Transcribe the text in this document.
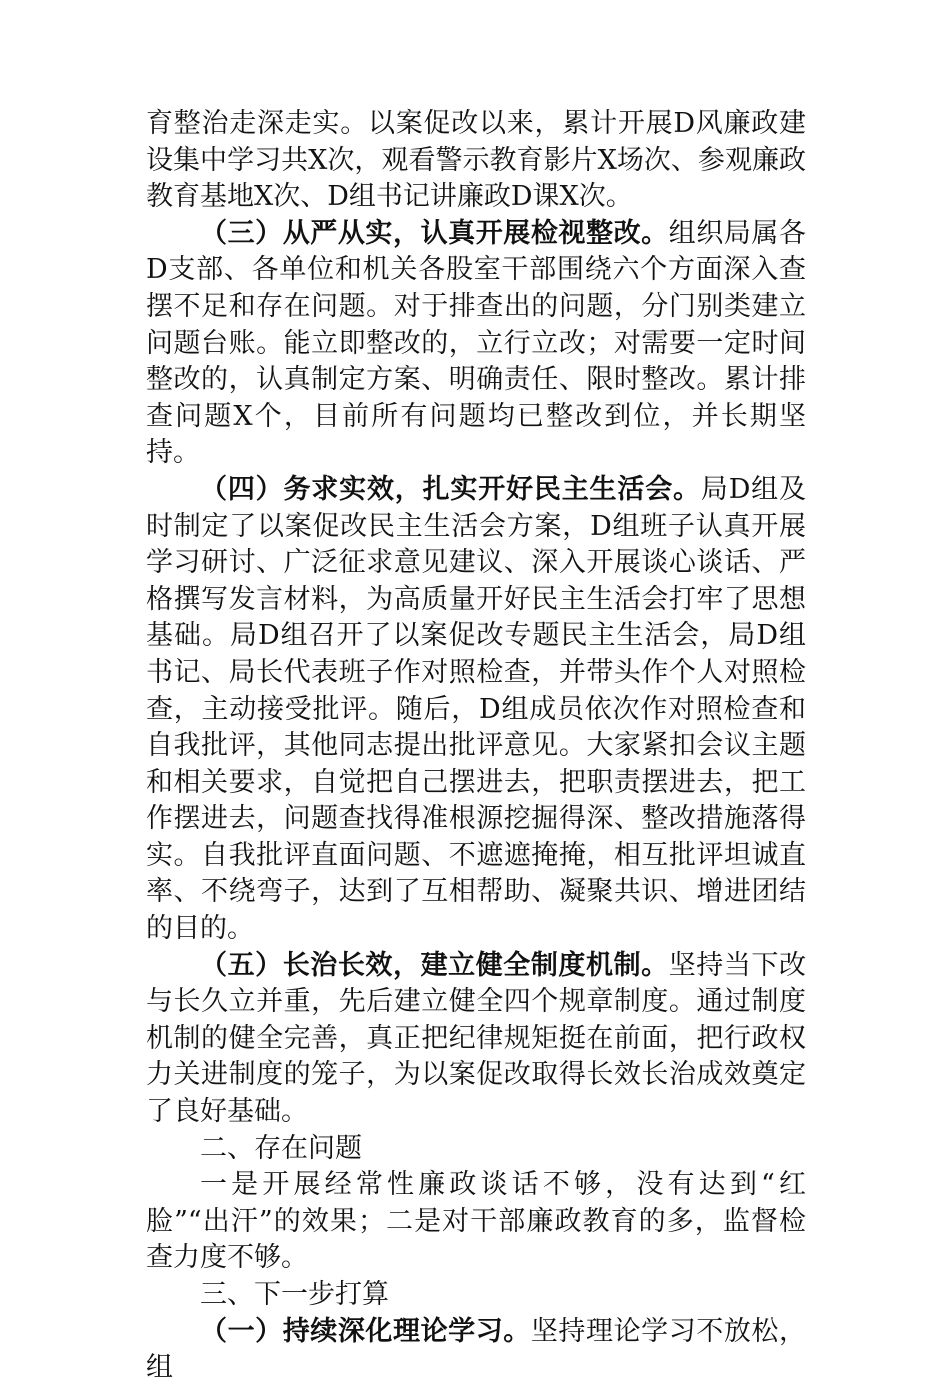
育整治走深走实。以案促改以来，累计开展D风廉政建设集中学习共X次，观看警示教育影片X场次、参观廉政教育基地X次、D组书记讲廉政D课X次。

（三）从严从实，认真开展检视整改。组织局属各D支部、各单位和机关各股室干部围绕六个方面深入查摆不足和存在问题。对于排查出的问题，分门别类建立问题台账。能立即整改的，立行立改；对需要一定时间整改的，认真制定方案、明确责任、限时整改。累计排查问题X个，目前所有问题均已整改到位，并长期坚持。

（四）务求实效，扎实开好民主生活会。局D组及时制定了以案促改民主生活会方案，D组班子认真开展学习研讨、广泛征求意见建议、深入开展谈心谈话、严格撰写发言材料，为高质量开好民主生活会打牢了思想基础。局D组召开了以案促改专题民主生活会，局D组书记、局长代表班子作对照检查，并带头作个人对照检查，主动接受批评。随后，D组成员依次作对照检查和自我批评，其他同志提出批评意见。大家紧扣会议主题和相关要求，自觉把自己摆进去，把职责摆进去，把工作摆进去，问题查找得准根源挖掘得深、整改措施落得实。自我批评直面问题、不遮遮掩掩，相互批评坦诚直率、不绕弯子，达到了互相帮助、凝聚共识、增进团结的目的。

（五）长治长效，建立健全制度机制。坚持当下改与长久立并重，先后建立健全四个规章制度。通过制度机制的健全完善，真正把纪律规矩挺在前面，把行政权力关进制度的笼子，为以案促改取得长效长治成效奠定了良好基础。

二、存在问题

一是开展经常性廉政谈话不够，没有达到“红脸”“出汗”的效果；二是对干部廉政教育的多，监督检查力度不够。

三、下一步打算

（一）持续深化理论学习。坚持理论学习不放松，组
